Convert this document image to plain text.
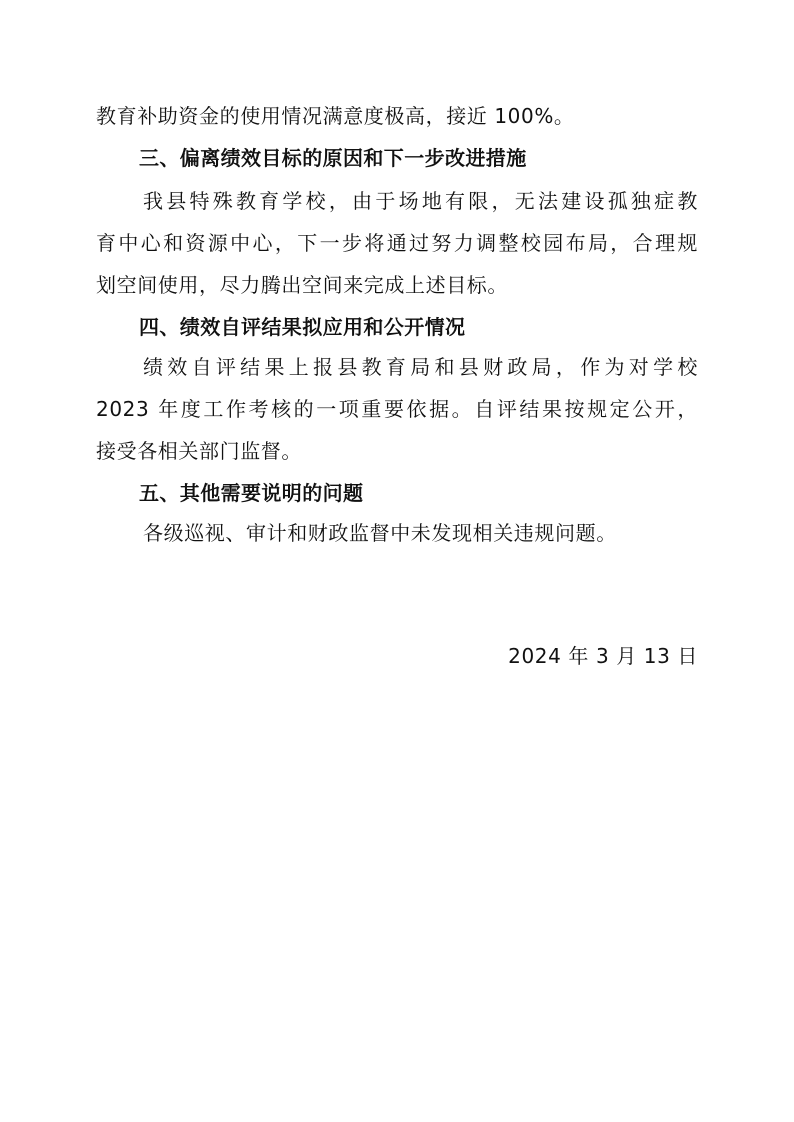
教育补助资金的使用情况满意度极高，接近 100%。
三、偏离绩效目标的原因和下一步改进措施
我县特殊教育学校，由于场地有限，无法建设孤独症教
育中心和资源中心，下一步将通过努力调整校园布局，合理规
划空间使用，尽力腾出空间来完成上述目标。
四、绩效自评结果拟应用和公开情况
绩效自评结果上报县教育局和县财政局，作为对学校
2023 年度工作考核的一项重要依据。自评结果按规定公开，
接受各相关部门监督。
五、其他需要说明的问题
各级巡视、审计和财政监督中未发现相关违规问题。
2024 年 3 月 13 日
